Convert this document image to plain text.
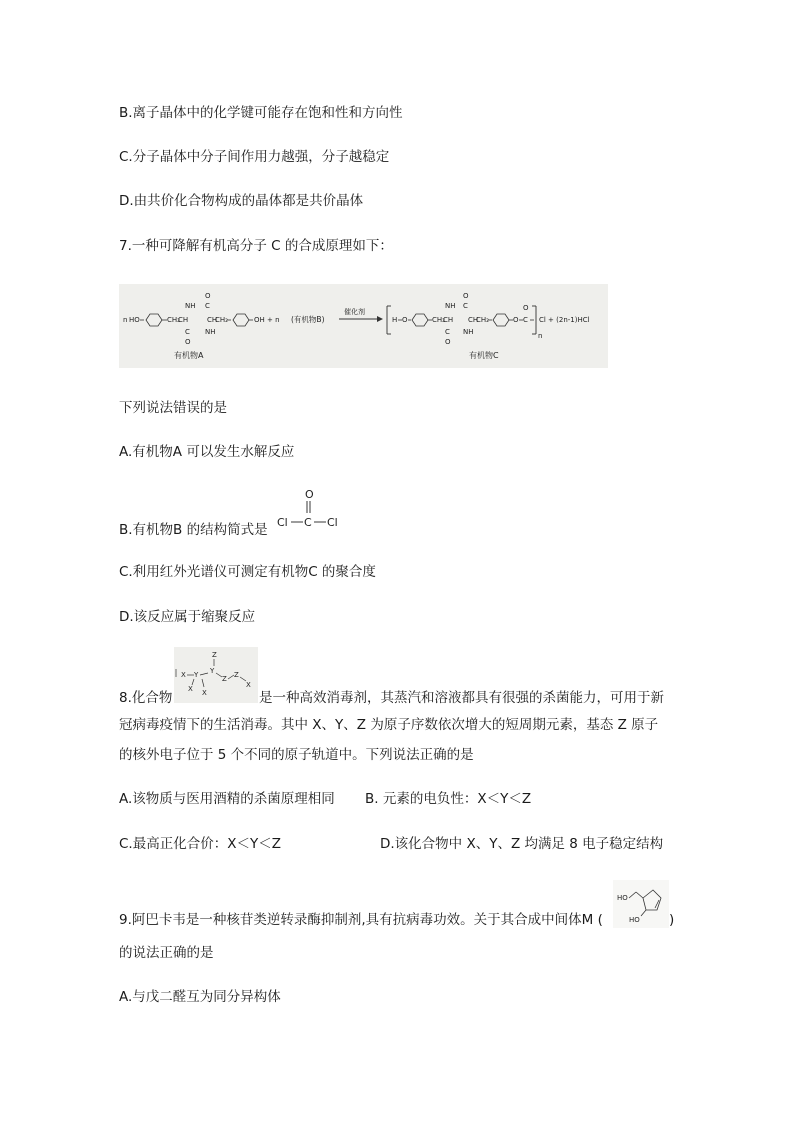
B.离子晶体中的化学键可能存在饱和性和方向性
C.分子晶体中分子间作用力越强，分子越稳定
D.由共价化合物构成的晶体都是共价晶体
7.一种可降解有机高分子 C 的合成原理如下：
n HO	CH₂
CH
NH
O
C
CH
C
O
NH
CH₂	OH + n
有机物A
(有机物B)
催化剂
H O	CH₂
CH
NH
O
C
CH
C
O
NH
CH₂	O C
O
n
Cl + (2n-1)HCl
有机物C
下列说法错误的是
A.有机物A 可以发生水解反应
B.有机物B 的结构简式是
O
Cl C Cl
C.利用红外光谱仪可测定有机物C 的聚合度
D.该反应属于缩聚反应
8.化合物
Z
X Y Y
Z Z
X
X X	是一种高效消毒剂，其蒸汽和溶液都具有很强的杀菌能力，可用于新
冠病毒疫情下的生活消毒。其中 X、Y、Z 为原子序数依次增大的短周期元素，基态 Z 原子
的核外电子位于 5 个不同的原子轨道中。下列说法正确的是
A.该物质与医用酒精的杀菌原理相同 B. 元素的电负性：X＜Y＜Z
C.最高正化合价：X＜Y＜Z	D.该化合物中 X、Y、Z 均满足 8 电子稳定结构
9.阿巴卡韦是一种核苷类逆转录酶抑制剂,具有抗病毒功效。关于其合成中间体M (
HO
HO )
的说法正确的是
A.与戊二醛互为同分异构体
